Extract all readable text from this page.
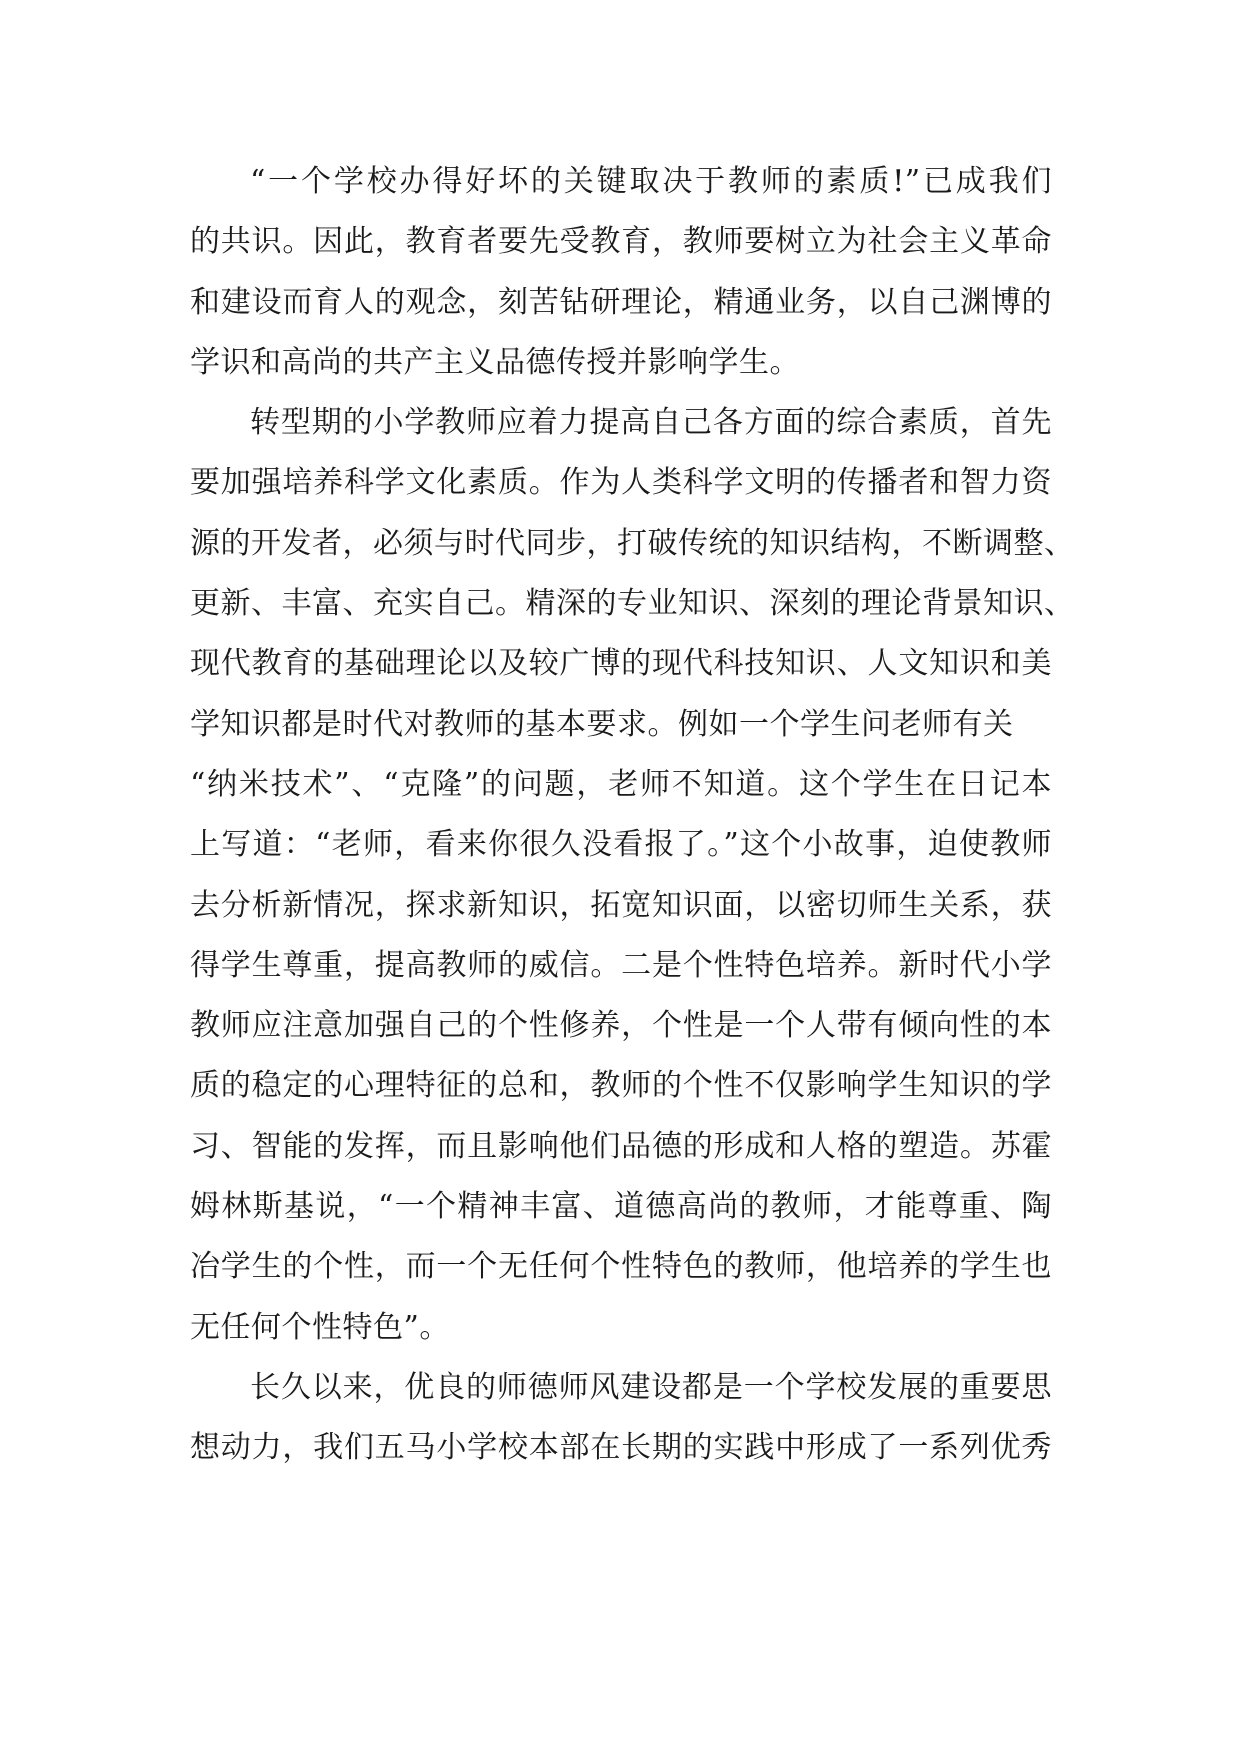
“一个学校办得好坏的关键取决于教师的素质!”已成我们
的共识。因此，教育者要先受教育，教师要树立为社会主义革命
和建设而育人的观念，刻苦钻研理论，精通业务，以自己渊博的
学识和高尚的共产主义品德传授并影响学生。
转型期的小学教师应着力提高自己各方面的综合素质，首先
要加强培养科学文化素质。作为人类科学文明的传播者和智力资
源的开发者，必须与时代同步，打破传统的知识结构，不断调整、
更新、丰富、充实自己。精深的专业知识、深刻的理论背景知识、
现代教育的基础理论以及较广博的现代科技知识、人文知识和美
学知识都是时代对教师的基本要求。例如一个学生问老师有关
“纳米技术”、“克隆”的问题，老师不知道。这个学生在日记本
上写道：“老师，看来你很久没看报了。”这个小故事，迫使教师
去分析新情况，探求新知识，拓宽知识面，以密切师生关系，获
得学生尊重，提高教师的威信。二是个性特色培养。新时代小学
教师应注意加强自己的个性修养，个性是一个人带有倾向性的本
质的稳定的心理特征的总和，教师的个性不仅影响学生知识的学
习、智能的发挥，而且影响他们品德的形成和人格的塑造。苏霍
姆林斯基说，“一个精神丰富、道德高尚的教师，才能尊重、陶
冶学生的个性，而一个无任何个性特色的教师，他培养的学生也
无任何个性特色”。
长久以来，优良的师德师风建设都是一个学校发展的重要思
想动力，我们五马小学校本部在长期的实践中形成了一系列优秀
